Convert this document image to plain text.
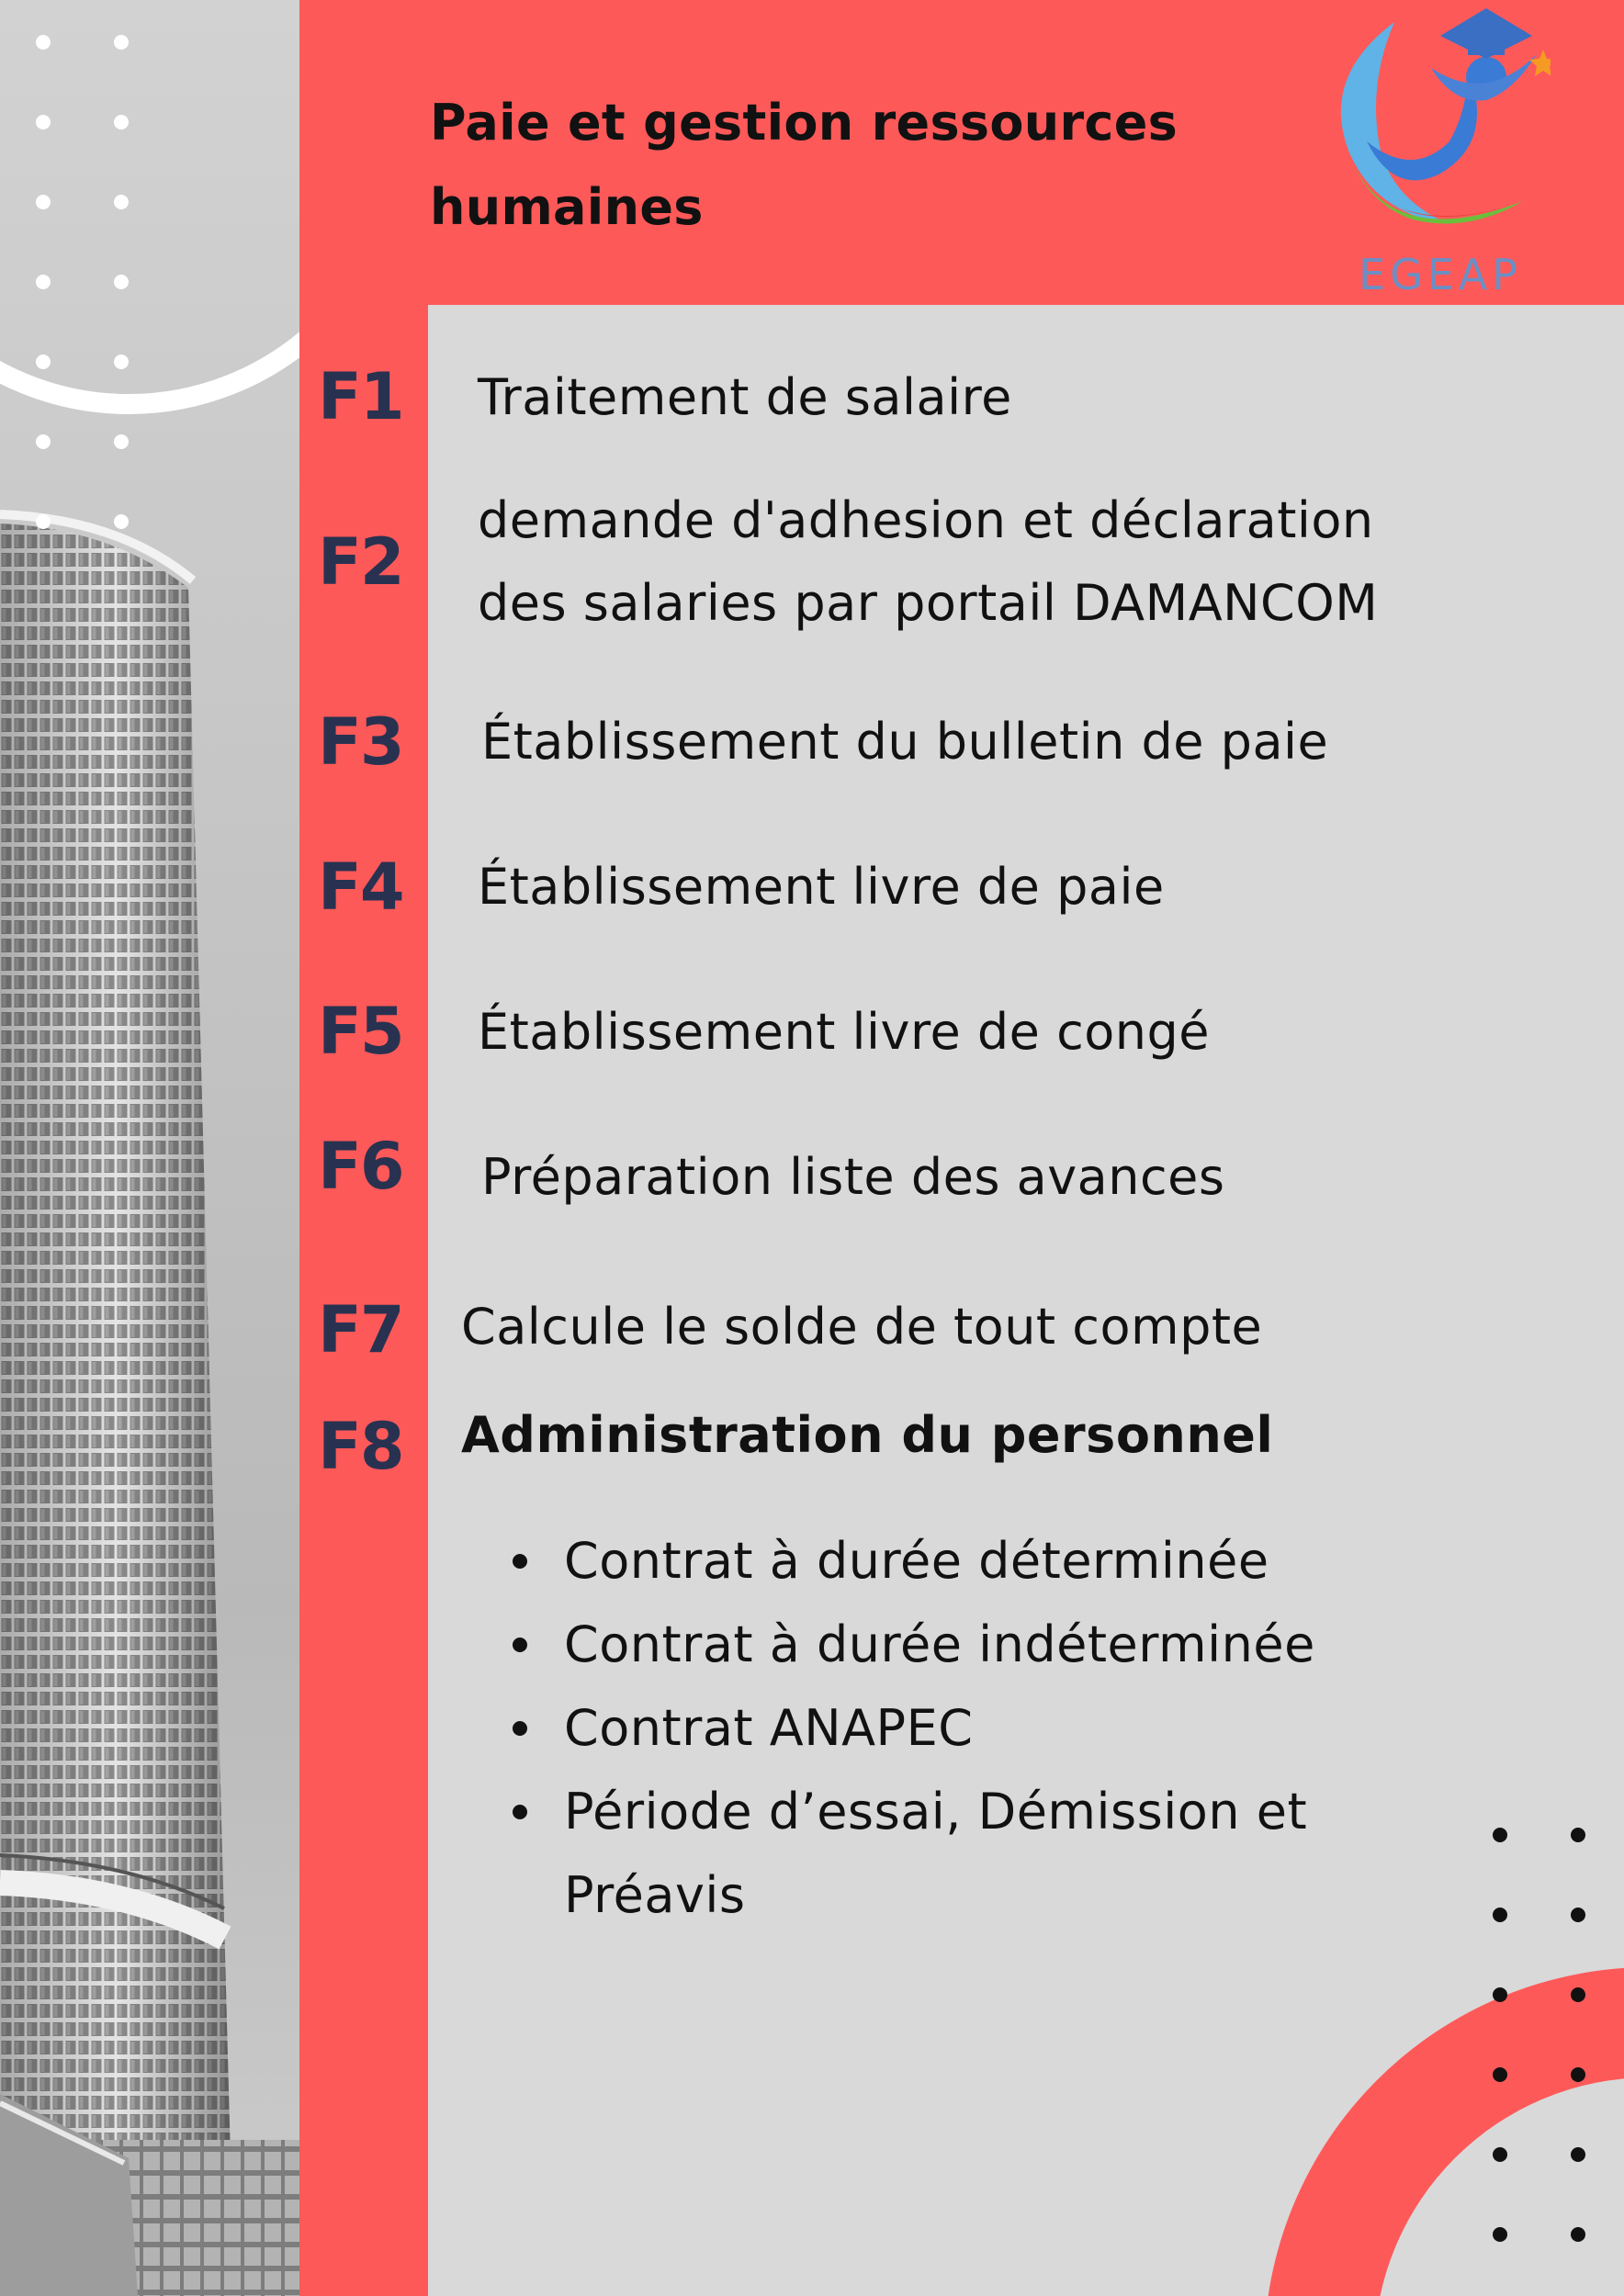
Paie et gestion ressources
humaines
EGEAP
F1
F2
F3
F4
F5
F6
F7
F8
Traitement de salaire
demande d'adhesion et déclaration
des salaries par portail DAMANCOM
Établissement du bulletin de paie
Établissement livre de paie
Établissement livre de congé
Préparation liste des avances
Calcule le solde de tout compte
Administration du personnel
Contrat à durée déterminée
Contrat à durée indéterminée
Contrat ANAPEC
Période d’essai, Démission et
Préavis
